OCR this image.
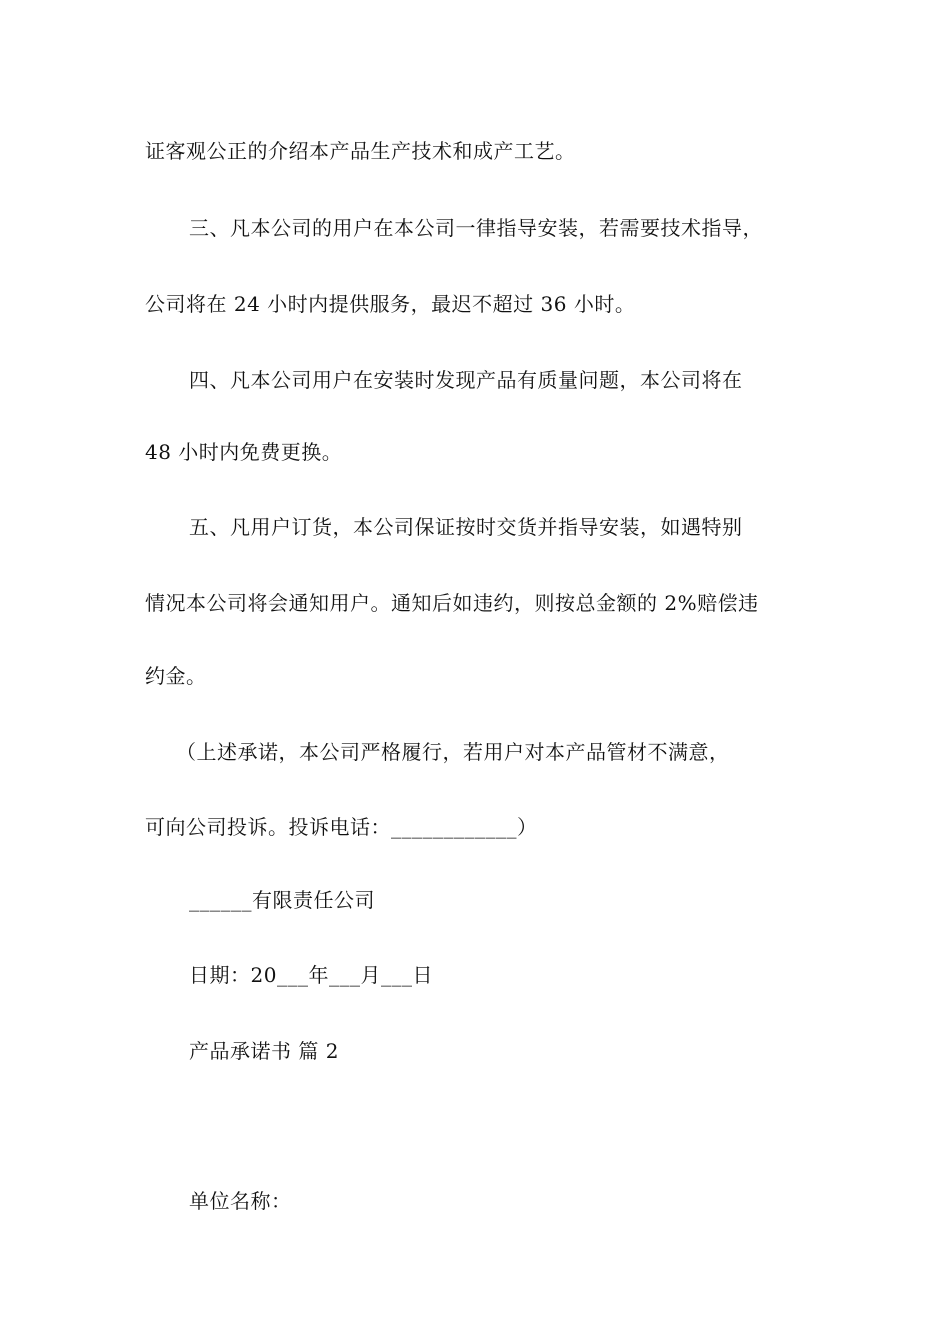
证客观公正的介绍本产品生产技术和成产工艺。
三、凡本公司的用户在本公司一律指导安装，若需要技术指导，
公司将在 24 小时内提供服务，最迟不超过 36 小时。
四、凡本公司用户在安装时发现产品有质量问题，本公司将在
48 小时内免费更换。
五、凡用户订货，本公司保证按时交货并指导安装，如遇特别
情况本公司将会通知用户。通知后如违约，则按总金额的 2%赔偿违
约金。
（上述承诺，本公司严格履行，若用户对本产品管材不满意，
可向公司投诉。投诉电话：____________）
______有限责任公司
日期：20___年___月___日
产品承诺书 篇 2
单位名称：
